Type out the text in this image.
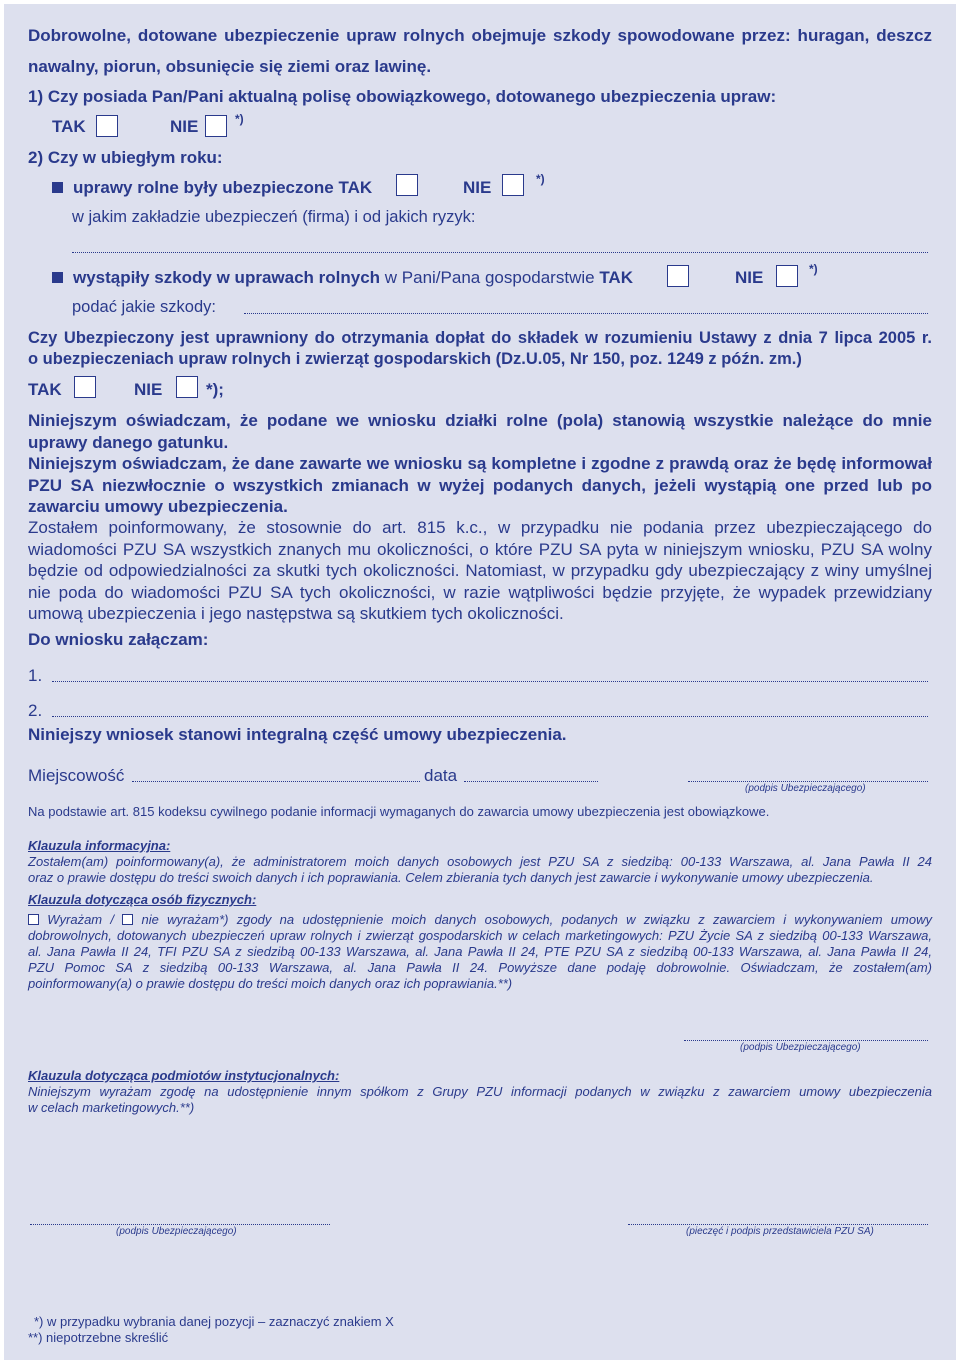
Dobrowolne, dotowane ubezpieczenie upraw rolnych obejmuje szkody spowodowane przez: huragan, deszcz
nawalny, piorun, obsunięcie się ziemi oraz lawinę.
1) Czy posiada Pan/Pani aktualną polisę obowiązkowego, dotowanego ubezpieczenia upraw:
TAK	NIE	*)
2) Czy w ubiegłym roku:
uprawy rolne były ubezpieczone TAK	NIE	*)
w jakim zakładzie ubezpieczeń (firma) i od jakich ryzyk:
wystąpiły szkody w uprawach rolnych w Pani/Pana gospodarstwie TAK	NIE	*)
podać jakie szkody:
Czy Ubezpieczony jest uprawniony do otrzymania dopłat do składek w rozumieniu Ustawy z dnia 7 lipca 2005 r.
o ubezpieczeniach upraw rolnych i zwierząt gospodarskich (Dz.U.05, Nr 150, poz. 1249 z późn. zm.)
TAK	NIE	*);
Niniejszym oświadczam, że podane we wniosku działki rolne (pola) stanowią wszystkie należące do mnie uprawy danego gatunku.
Niniejszym oświadczam, że dane zawarte we wniosku są kompletne i zgodne z prawdą oraz że będę informował PZU SA niezwłocznie o wszystkich zmianach w wyżej podanych danych, jeżeli wystąpią one przed lub po zawarciu umowy ubezpieczenia.
Zostałem poinformowany, że stosownie do art. 815 k.c., w przypadku nie podania przez ubezpieczającego do wiadomości PZU SA wszystkich znanych mu okoliczności, o które PZU SA pyta w niniejszym wniosku, PZU SA wolny będzie od odpowiedzialności za skutki tych okoliczności. Natomiast, w przypadku gdy ubezpieczający z winy umyślnej nie poda do wiadomości PZU SA tych okoliczności, w razie wątpliwości będzie przyjęte, że wypadek przewidziany umową ubezpieczenia i jego następstwa są skutkiem tych okoliczności.
Do wniosku załączam:
1.
2.
Niniejszy wniosek stanowi integralną część umowy ubezpieczenia.
Miejscowość	data
(podpis Ubezpieczającego)
Na podstawie art. 815 kodeksu cywilnego podanie informacji wymaganych do zawarcia umowy ubezpieczenia jest obowiązkowe.
Klauzula informacyjna:
Zostałem(am) poinformowany(a), że administratorem moich danych osobowych jest PZU SA z siedzibą: 00-133 Warszawa, al. Jana Pawła II 24
oraz o prawie dostępu do treści swoich danych i ich poprawiania. Celem zbierania tych danych jest zawarcie i wykonywanie umowy ubezpieczenia.
Klauzula dotycząca osób fizycznych:
Wyrażam / nie wyrażam*) zgody na udostępnienie moich danych osobowych, podanych w związku z zawarciem i wykonywaniem umowy
dobrowolnych, dotowanych ubezpieczeń upraw rolnych i zwierząt gospodarskich w celach marketingowych: PZU Życie SA z siedzibą 00-133 Warszawa,
al. Jana Pawła II 24, TFI PZU SA z siedzibą 00-133 Warszawa, al. Jana Pawła II 24, PTE PZU SA z siedzibą 00-133 Warszawa, al. Jana Pawła II 24,
PZU Pomoc SA z siedzibą 00-133 Warszawa, al. Jana Pawła II 24. Powyższe dane podaję dobrowolnie. Oświadczam, że zostałem(am)
poinformowany(a) o prawie dostępu do treści moich danych oraz ich poprawiania.**)
(podpis Ubezpieczającego)
Klauzula dotycząca podmiotów instytucjonalnych:
Niniejszym wyrażam zgodę na udostępnienie innym spółkom z Grupy PZU informacji podanych w związku z zawarciem umowy ubezpieczenia
w celach marketingowych.**)
(podpis Ubezpieczającego)	(pieczęć i podpis przedstawiciela PZU SA)
*) w przypadku wybrania danej pozycji – zaznaczyć znakiem X
**) niepotrzebne skreślić
